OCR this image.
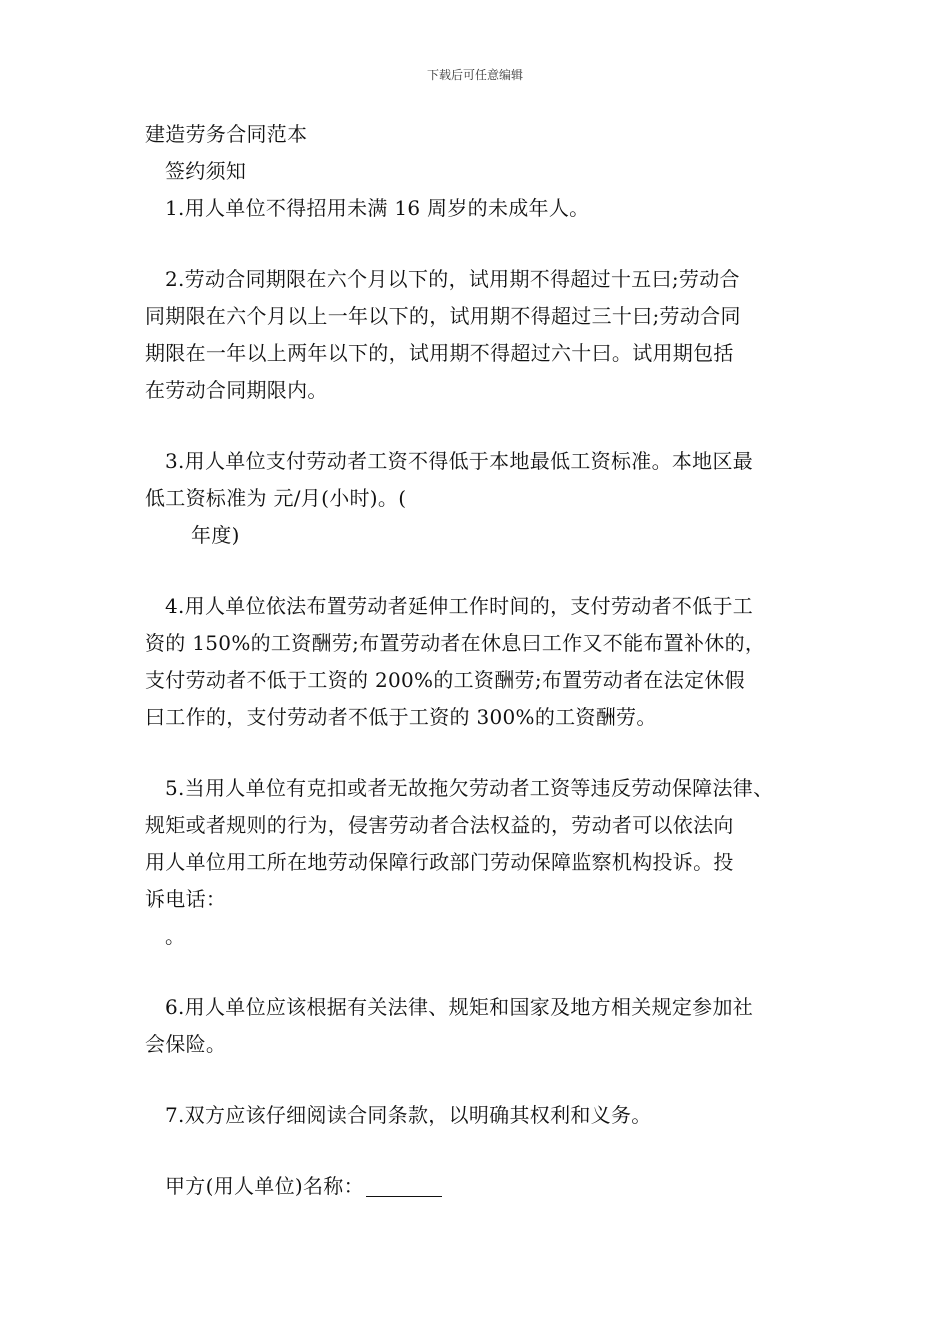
下载后可任意编辑
建造劳务合同范本
签约须知
1.用人单位不得招用未满 16 周岁的未成年人。
2.劳动合同期限在六个月以下的，试用期不得超过十五曰;劳动合
同期限在六个月以上一年以下的，试用期不得超过三十曰;劳动合同
期限在一年以上两年以下的，试用期不得超过六十曰。试用期包括
在劳动合同期限内。
3.用人单位支付劳动者工资不得低于本地最低工资标准。本地区最
低工资标准为 元/月(小时)。(
年度)
4.用人单位依法布置劳动者延伸工作时间的，支付劳动者不低于工
资的 150%的工资酬劳;布置劳动者在休息曰工作又不能布置补休的，
支付劳动者不低于工资的 200%的工资酬劳;布置劳动者在法定休假
曰工作的，支付劳动者不低于工资的 300%的工资酬劳。
5.当用人单位有克扣或者无故拖欠劳动者工资等违反劳动保障法律、
规矩或者规则的行为，侵害劳动者合法权益的，劳动者可以依法向
用人单位用工所在地劳动保障行政部门劳动保障监察机构投诉。投
诉电话：
。
6.用人单位应该根据有关法律、规矩和国家及地方相关规定参加社
会保险。
7.双方应该仔细阅读合同条款，以明确其权利和义务。
甲方(用人单位)名称：
